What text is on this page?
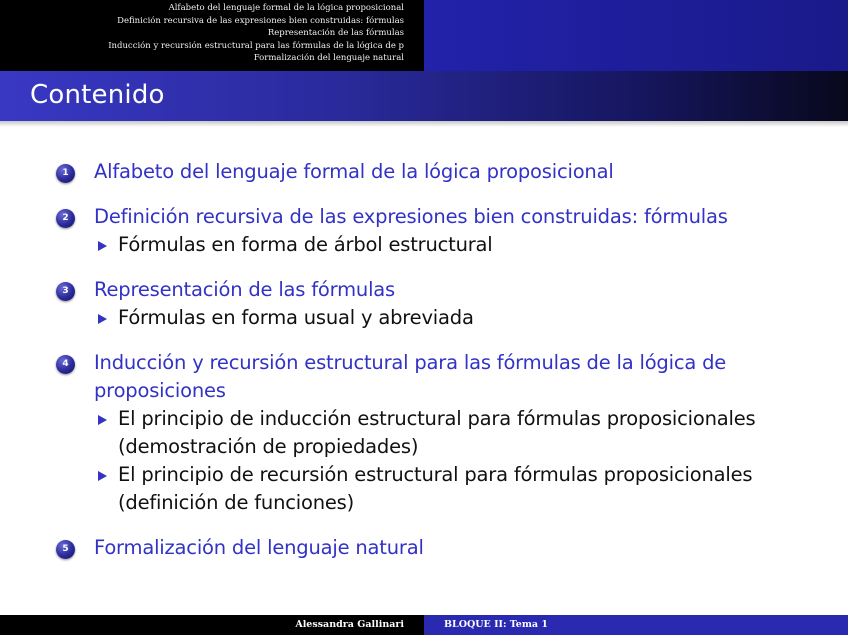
Alfabeto del lenguaje formal de la lógica proposicional
Definición recursiva de las expresiones bien construidas: fórmulas
Representación de las fórmulas
Inducción y recursión estructural para las fórmulas de la lógica de p
Formalización del lenguaje natural
Contenido
1	Alfabeto del lenguaje formal de la lógica proposicional
2	Definición recursiva de las expresiones bien construidas: fórmulas
Fórmulas en forma de árbol estructural
3	Representación de las fórmulas
Fórmulas en forma usual y abreviada
4	Inducción y recursión estructural para las fórmulas de la lógica de proposiciones
El principio de inducción estructural para fórmulas proposicionales (demostración de propiedades)
El principio de recursión estructural para fórmulas proposicionales (definición de funciones)
5	Formalización del lenguaje natural
Alessandra Gallinari	BLOQUE II: Tema 1
